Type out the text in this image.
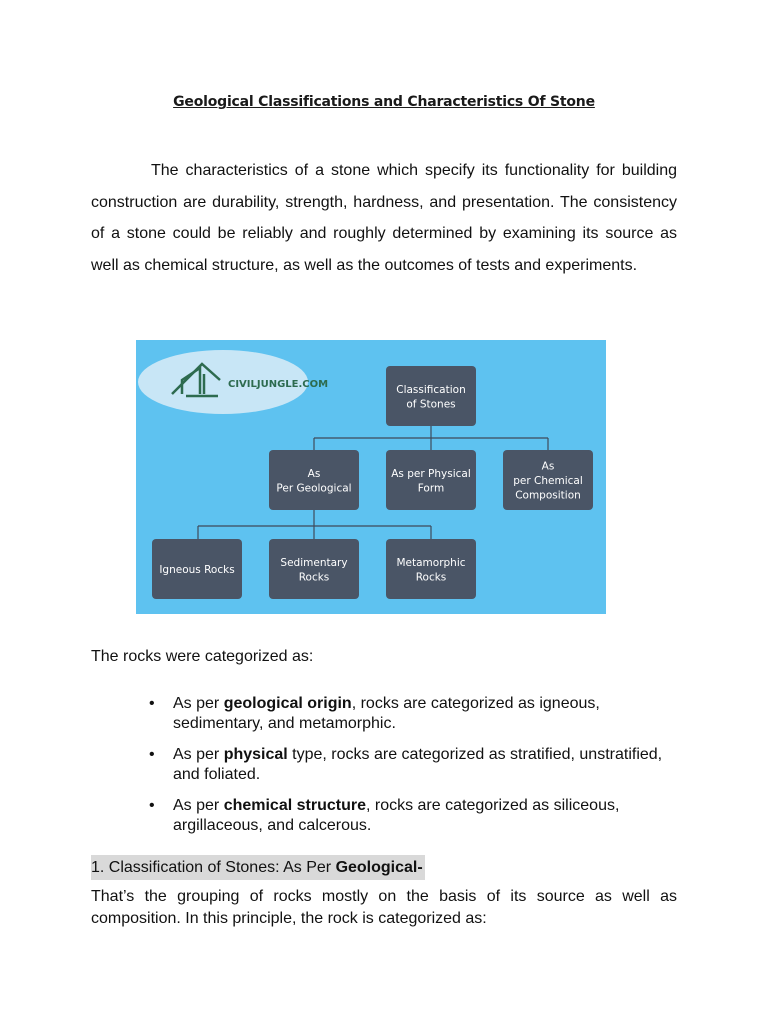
Geological Classifications and Characteristics Of Stone
The characteristics of a stone which specify its functionality for building construction are durability, strength, hardness, and presentation. The consistency of a stone could be reliably and roughly determined by examining its source as well as chemical structure, as well as the outcomes of tests and experiments.
CIVILJUNGLE.COM	Classification
of Stones
As
Per Geological
As per Physical
Form
As
per Chemical
Composition
Igneous Rocks
Sedimentary
Rocks
Metamorphic
Rocks
The rocks were categorized as:
• As per geological origin, rocks are categorized as igneous, sedimentary, and metamorphic.
• As per physical type, rocks are categorized as stratified, unstratified, and foliated.
• As per chemical structure, rocks are categorized as siliceous, argillaceous, and calcerous.
1. Classification of Stones: As Per Geological-
That’s the grouping of rocks mostly on the basis of its source as well as composition. In this principle, the rock is categorized as:
